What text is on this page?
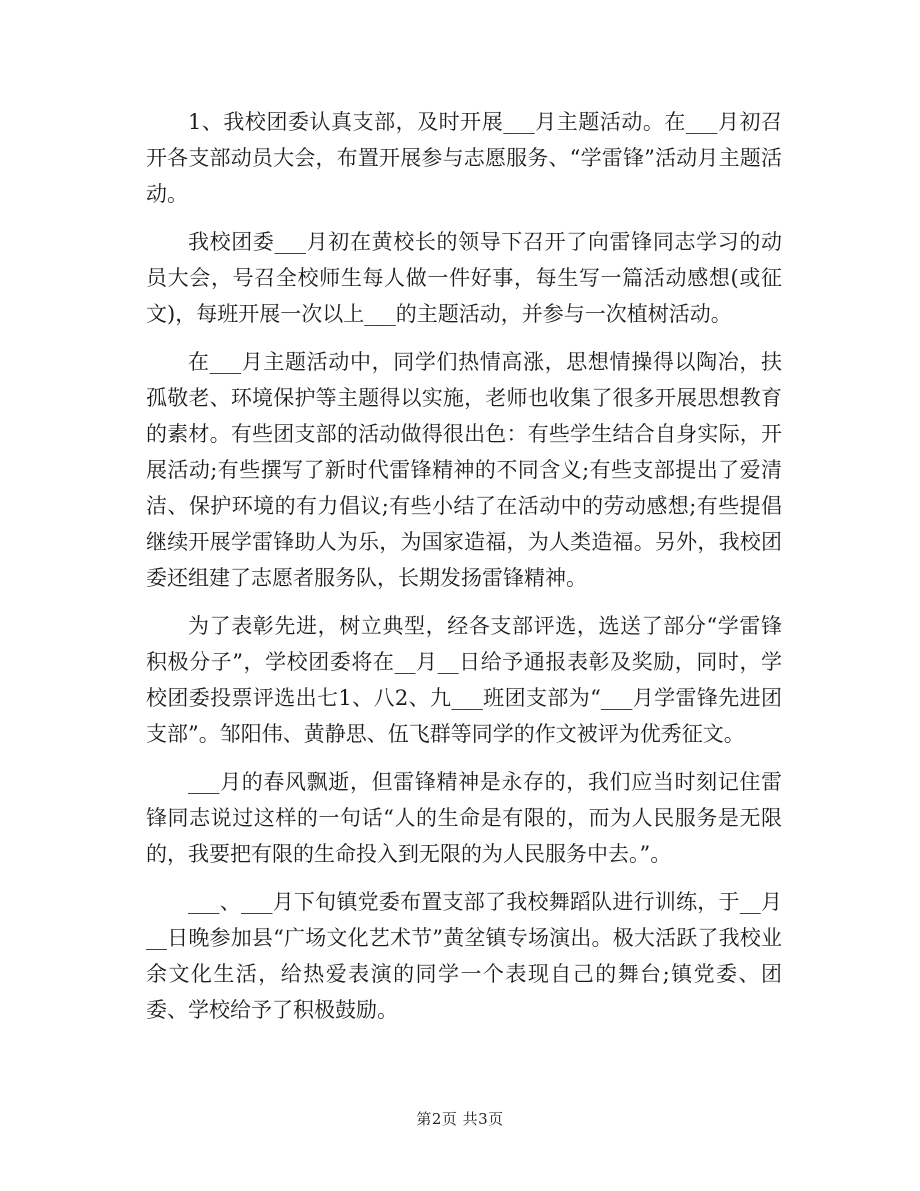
1、我校团委认真支部，及时开展___月主题活动。在___月初召开各支部动员大会，布置开展参与志愿服务、“学雷锋”活动月主题活动。

我校团委___月初在黄校长的领导下召开了向雷锋同志学习的动员大会，号召全校师生每人做一件好事，每生写一篇活动感想(或征文)，每班开展一次以上___的主题活动，并参与一次植树活动。

在___月主题活动中，同学们热情高涨，思想情操得以陶冶，扶孤敬老、环境保护等主题得以实施，老师也收集了很多开展思想教育的素材。有些团支部的活动做得很出色：有些学生结合自身实际，开展活动;有些撰写了新时代雷锋精神的不同含义;有些支部提出了爱清洁、保护环境的有力倡议;有些小结了在活动中的劳动感想;有些提倡继续开展学雷锋助人为乐，为国家造福，为人类造福。另外，我校团委还组建了志愿者服务队，长期发扬雷锋精神。

为了表彰先进，树立典型，经各支部评选，选送了部分“学雷锋积极分子”，学校团委将在__月__日给予通报表彰及奖励，同时，学校团委投票评选出七1、八2、九___班团支部为“___月学雷锋先进团支部”。邹阳伟、黄静思、伍飞群等同学的作文被评为优秀征文。

___月的春风飘逝，但雷锋精神是永存的，我们应当时刻记住雷锋同志说过这样的一句话“人的生命是有限的，而为人民服务是无限的，我要把有限的生命投入到无限的为人民服务中去。”。

___、___月下旬镇党委布置支部了我校舞蹈队进行训练，于__月__日晚参加县“广场文化艺术节”黄坌镇专场演出。极大活跃了我校业余文化生活，给热爱表演的同学一个表现自己的舞台;镇党委、团委、学校给予了积极鼓励。

第2页 共3页
